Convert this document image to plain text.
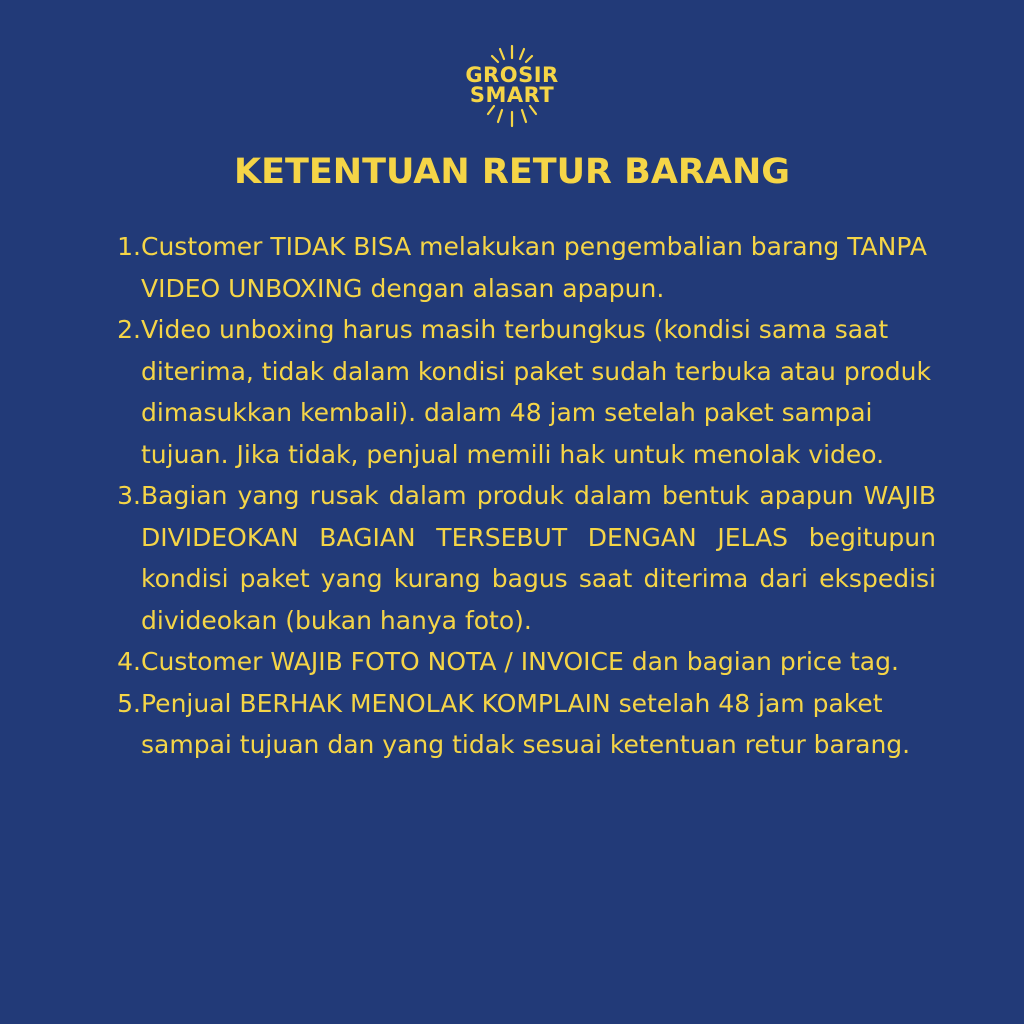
GROSIR
SMART
KETENTUAN RETUR BARANG
1. Customer TIDAK BISA melakukan pengembalian barang TANPA VIDEO UNBOXING dengan alasan apapun.
2. Video unboxing harus masih terbungkus (kondisi sama saat diterima, tidak dalam kondisi paket sudah terbuka atau produk dimasukkan kembali). dalam 48 jam setelah paket sampai tujuan. Jika tidak, penjual memili hak untuk menolak video.
3. Bagian yang rusak dalam produk dalam bentuk apapun WAJIB DIVIDEOKAN BAGIAN TERSEBUT DENGAN JELAS begitupun kondisi paket yang kurang bagus saat diterima dari ekspedisi divideokan (bukan hanya foto).
4. Customer WAJIB FOTO NOTA / INVOICE dan bagian price tag.
5. Penjual BERHAK MENOLAK KOMPLAIN setelah 48 jam paket sampai tujuan dan yang tidak sesuai ketentuan retur barang.
